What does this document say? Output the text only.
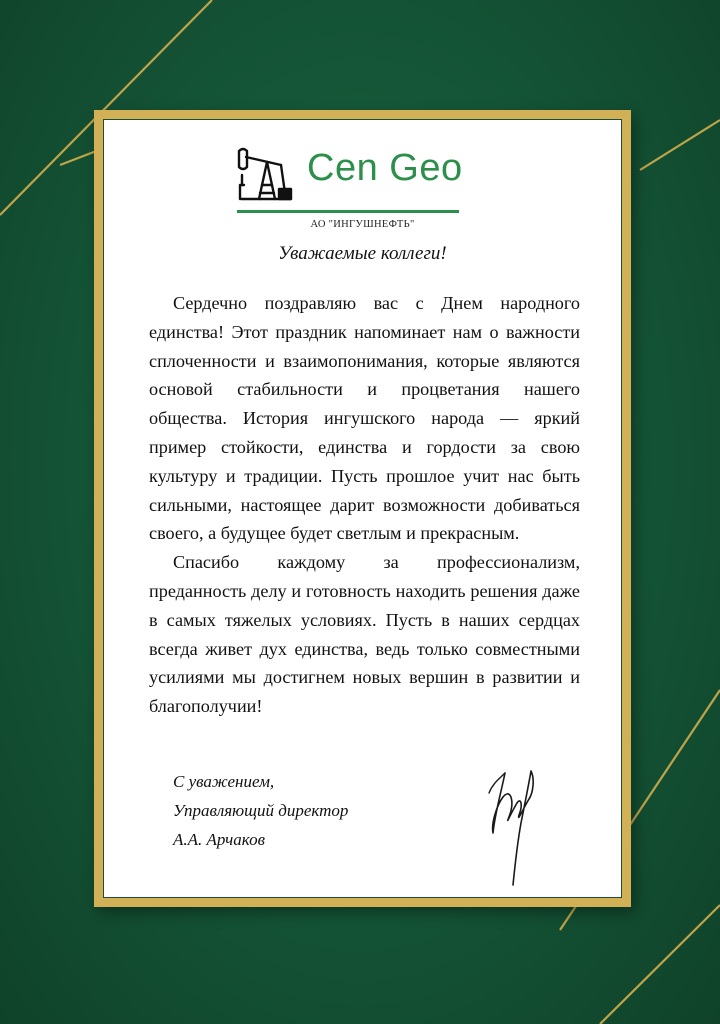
Cen Geo
АО "ИНГУШНЕФТЬ"
Уважаемые коллеги!

Сердечно поздравляю вас с Днем народного единства! Этот праздник напоминает нам о важности сплоченности и взаимопонимания, которые являются основой стабильности и процветания нашего общества. История ингушского народа — яркий пример стойкости, единства и гордости за свою культуру и традиции. Пусть прошлое учит нас быть сильными, настоящее дарит возможности добиваться своего, а будущее будет светлым и прекрасным.

Спасибо каждому за профессионализм, преданность делу и готовность находить решения даже в самых тяжелых условиях. Пусть в наших сердцах всегда живет дух единства, ведь только совместными усилиями мы достигнем новых вершин в развитии и благополучии!

С уважением,
Управляющий директор
А.А. Арчаков
